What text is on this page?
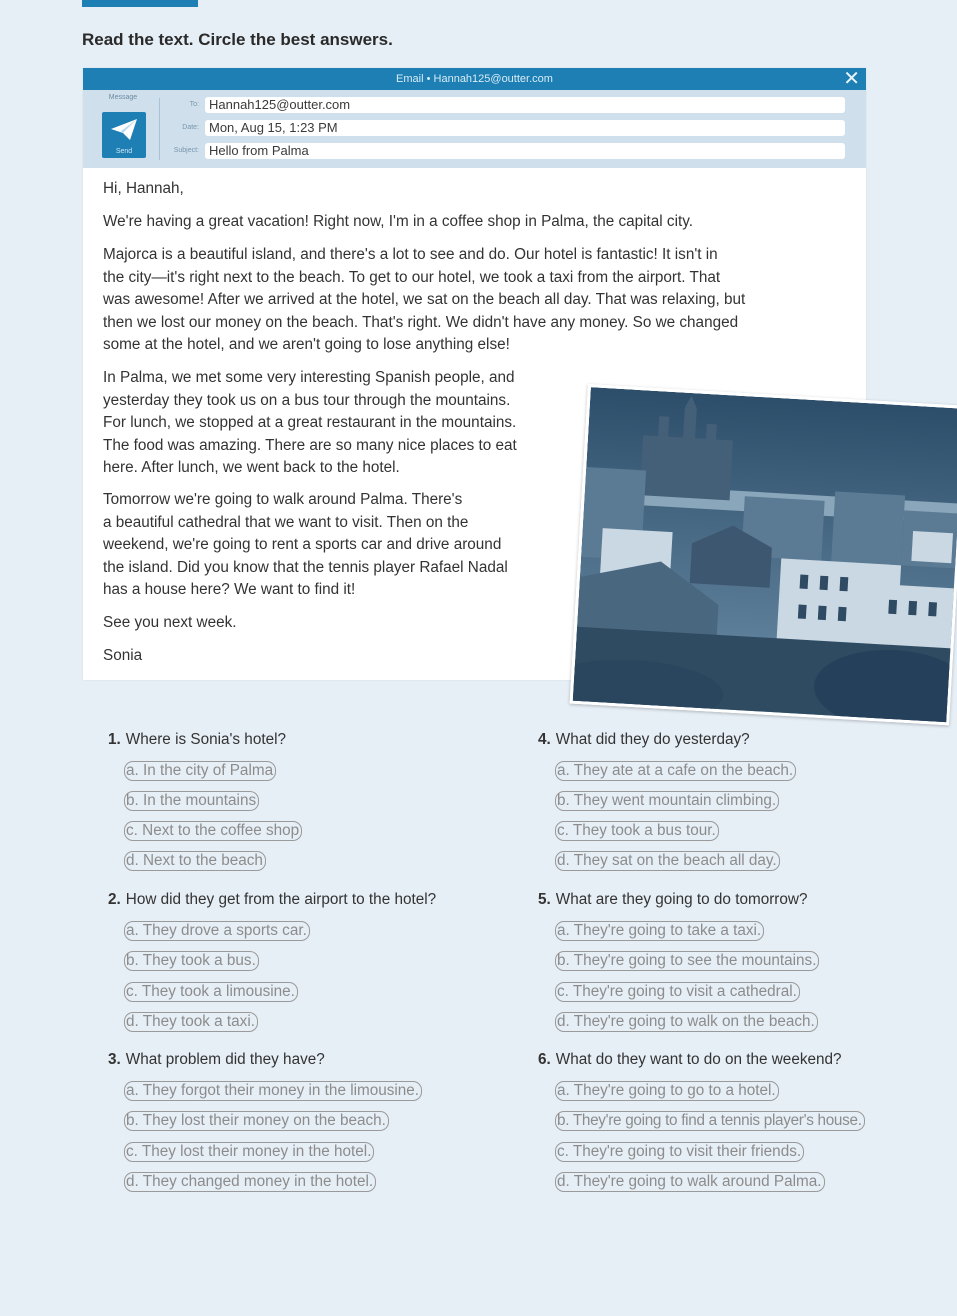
Read the text. Circle the best answers.

Email • Hannah125@outter.com	✕
Message
Send
To: Hannah125@outter.com
Date: Mon, Aug 15, 1:23 PM
Subject: Hello from Palma

Hi, Hannah,

We're having a great vacation! Right now, I'm in a coffee shop in Palma, the capital city.

Majorca is a beautiful island, and there's a lot to see and do. Our hotel is fantastic! It isn't in
the city—it's right next to the beach. To get to our hotel, we took a taxi from the airport. That
was awesome! After we arrived at the hotel, we sat on the beach all day. That was relaxing, but
then we lost our money on the beach. That's right. We didn't have any money. So we changed
some at the hotel, and we aren't going to lose anything else!
In Palma, we met some very interesting Spanish people, and
yesterday they took us on a bus tour through the mountains.
For lunch, we stopped at a great restaurant in the mountains.
The food was amazing. There are so many nice places to eat
here. After lunch, we went back to the hotel.
Tomorrow we're going to walk around Palma. There's
a beautiful cathedral that we want to visit. Then on the
weekend, we're going to rent a sports car and drive around
the island. Did you know that the tennis player Rafael Nadal
has a house here? We want to find it!

See you next week.

Sonia

1. Where is Sonia's hotel?

a. In the city of Palma
b. In the mountains
c. Next to the coffee shop
d. Next to the beach

2. How did they get from the airport to the hotel?

a. They drove a sports car.
b. They took a bus.
c. They took a limousine.
d. They took a taxi.

3. What problem did they have?

a. They forgot their money in the limousine.
b. They lost their money on the beach.
c. They lost their money in the hotel.
d. They changed money in the hotel.

4. What did they do yesterday?

a. They ate at a cafe on the beach.
b. They went mountain climbing.
c. They took a bus tour.
d. They sat on the beach all day.

5. What are they going to do tomorrow?

a. They're going to take a taxi.
b. They're going to see the mountains.
c. They're going to visit a cathedral.
d. They're going to walk on the beach.

6. What do they want to do on the weekend?

a. They're going to go to a hotel.
b. They're going to find a tennis player's house.
c. They're going to visit their friends.
d. They're going to walk around Palma.
